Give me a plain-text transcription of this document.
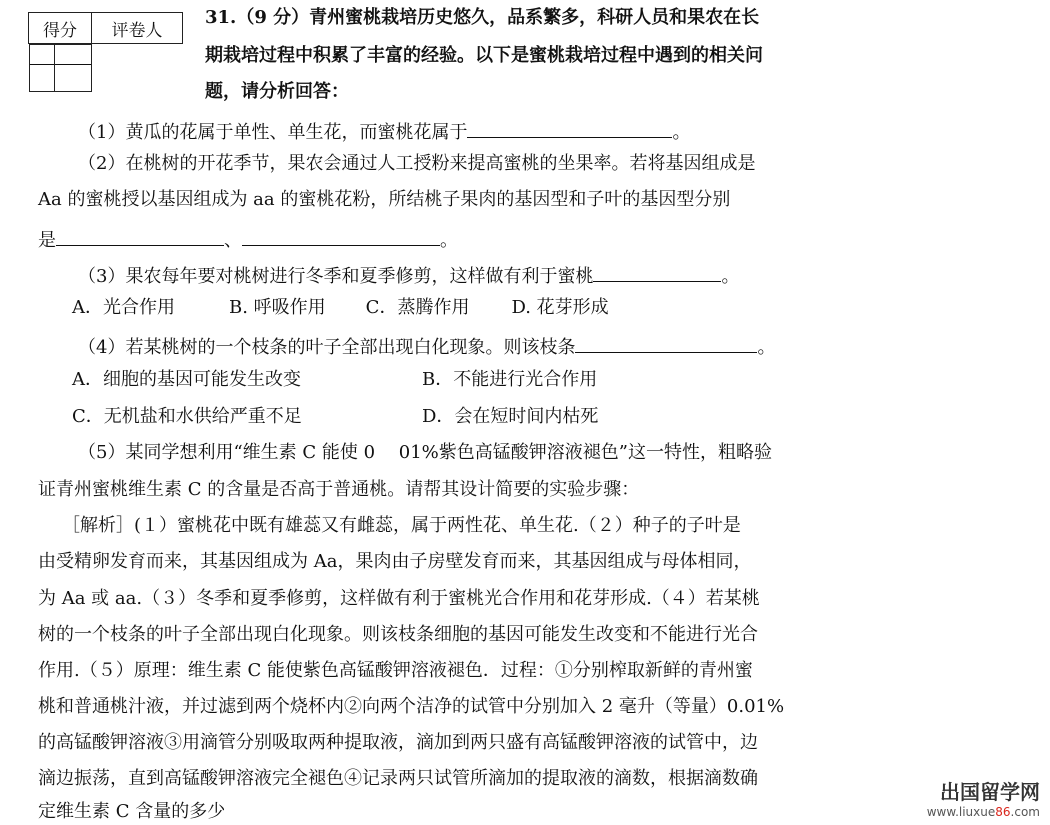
得分	评卷人

31.（9 分）青州蜜桃栽培历史悠久，品系繁多，科研人员和果农在长
期栽培过程中积累了丰富的经验。以下是蜜桃栽培过程中遇到的相关问
题，请分析回答：
（1）黄瓜的花属于单性、单生花，而蜜桃花属于	。
（2）在桃树的开花季节，果农会通过人工授粉来提高蜜桃的坐果率。若将基因组成是
Aa 的蜜桃授以基因组成为 aa 的蜜桃花粉，所结桃子果肉的基因型和子叶的基因型分别
是	、	。
（3）果农每年要对桃树进行冬季和夏季修剪，这样做有利于蜜桃	。
A．光合作用	B. 呼吸作用 C．蒸腾作用 D. 花芽形成
（4）若某桃树的一个枝条的叶子全部出现白化现象。则该枝条	。
A．细胞的基因可能发生改变	B．不能进行光合作用
C．无机盐和水供给严重不足	D．会在短时间内枯死
（5）某同学想利用“维生素 C 能使 0　 01%紫色高锰酸钾溶液褪色”这一特性，粗略验
证青州蜜桃维生素 C 的含量是否高于普通桃。请帮其设计简要的实验步骤：
［解析］(１）蜜桃花中既有雄蕊又有雌蕊，属于两性花、单生花.（２）种子的子叶是
由受精卵发育而来，其基因组成为 Aa，果肉由子房壁发育而来，其基因组成与母体相同，
为 Aa 或 aa.（３）冬季和夏季修剪，这样做有利于蜜桃光合作用和花芽形成.（４）若某桃
树的一个枝条的叶子全部出现白化现象。则该枝条细胞的基因可能发生改变和不能进行光合
作用.（５）原理：维生素 C 能使紫色高锰酸钾溶液褪色．过程：①分别榨取新鲜的青州蜜
桃和普通桃汁液，并过滤到两个烧杯内②向两个洁净的试管中分别加入 2 毫升（等量）0.01%
的高锰酸钾溶液③用滴管分别吸取两种提取液，滴加到两只盛有高锰酸钾溶液的试管中，边
滴边振荡，直到高锰酸钾溶液完全褪色④记录两只试管所滴加的提取液的滴数，根据滴数确
定维生素 C 含量的多少
出国留学网
www.liuxue86.com
